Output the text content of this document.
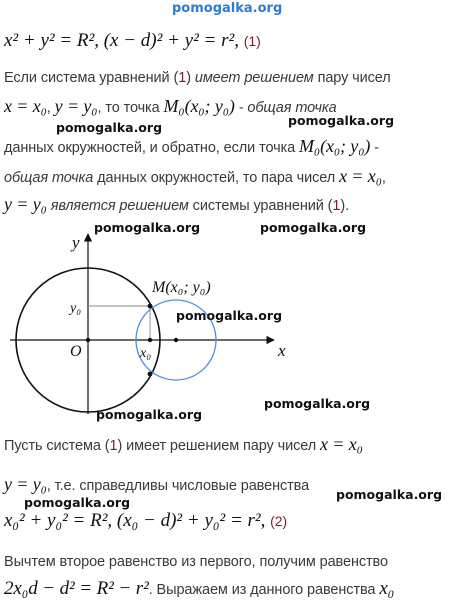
pomogalka.org
x² + y² = R², (x − d)² + y² = r², (1)
Если система уравнений (1) имеет решением пару чисел
x = x₀, y = y₀, то точка M₀(x₀; y₀) - общая точка
pomogalka.org
pomogalka.org
данных окружностей, и обратно, если точка M₀(x₀; y₀) -
общая точка данных окружностей, то пара чисел x = x₀,
y = y₀ является решением системы уравнений (1).
pomogalka.org	pomogalka.org
y
x
O
M(x₀; y₀)
y₀
x₀
pomogalka.org
pomogalka.org
pomogalka.org
Пусть система (1) имеет решением пару чисел x = x₀
y = y₀, т.е. справедливы числовые равенства
pomogalka.org
pomogalka.org
x₀² + y₀² = R², (x₀ − d)² + y₀² = r², (2)
Вычтем второе равенство из первого, получим равенство
2x₀d − d² = R² − r². Выражаем из данного равенства x₀
